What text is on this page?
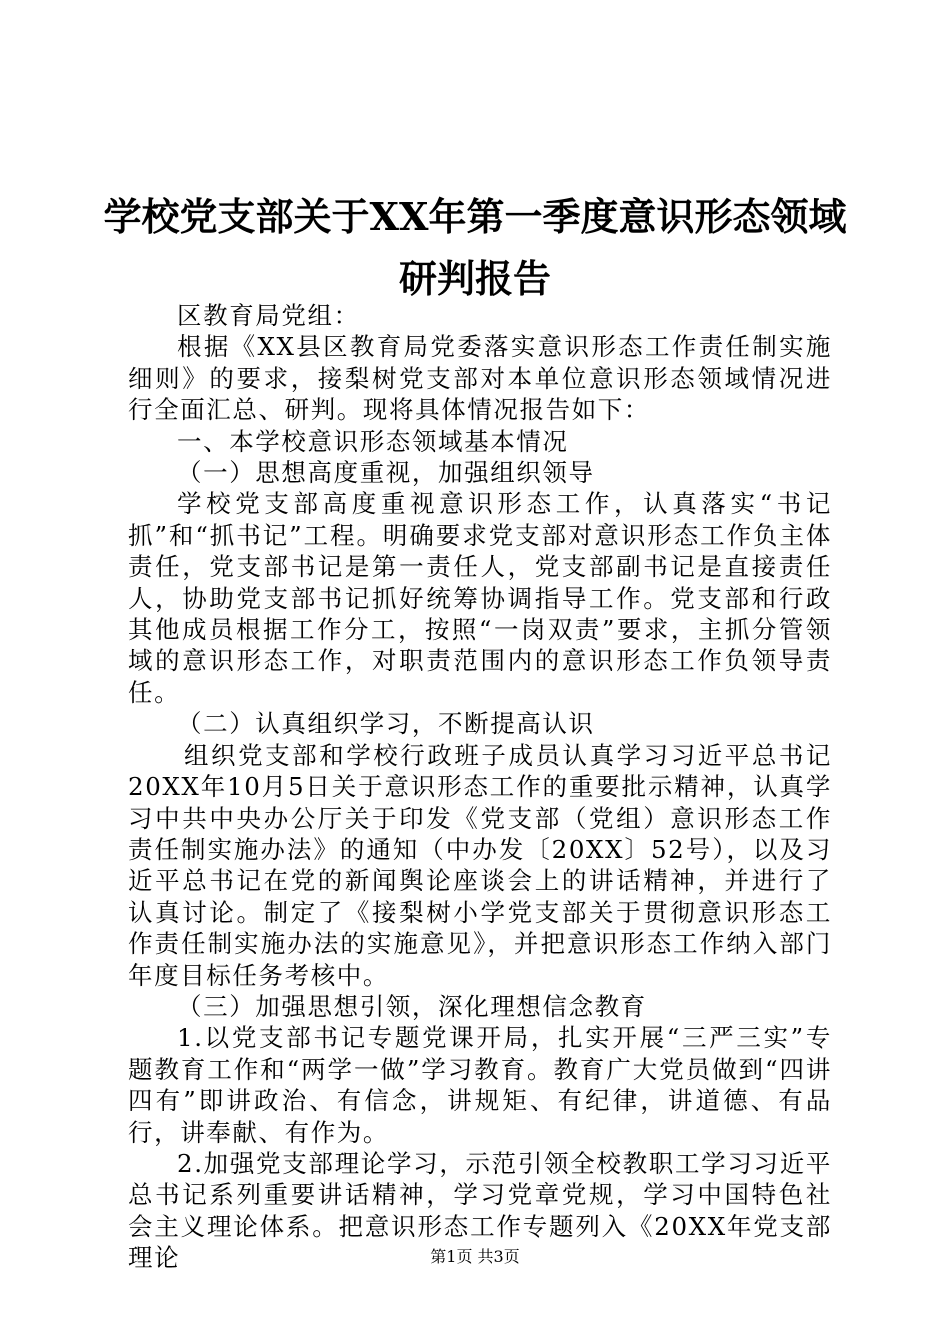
学校党支部关于XX年第一季度意识形态领域
研判报告

区教育局党组：

根据《XX县区教育局党委落实意识形态工作责任制实施细则》的要求，接梨树党支部对本单位意识形态领域情况进行全面汇总、研判。现将具体情况报告如下：

一、本学校意识形态领域基本情况

（一）思想高度重视，加强组织领导

学校党支部高度重视意识形态工作，认真落实“书记抓”和“抓书记”工程。明确要求党支部对意识形态工作负主体责任，党支部书记是第一责任人，党支部副书记是直接责任人，协助党支部书记抓好统筹协调指导工作。党支部和行政其他成员根据工作分工，按照“一岗双责”要求，主抓分管领域的意识形态工作，对职责范围内的意识形态工作负领导责任。

（二）认真组织学习，不断提高认识

组织党支部和学校行政班子成员认真学习习近平总书记20XX年10月5日关于意识形态工作的重要批示精神，认真学习中共中央办公厅关于印发《党支部（党组）意识形态工作责任制实施办法》的通知（中办发〔20XX〕52号），以及习近平总书记在党的新闻舆论座谈会上的讲话精神，并进行了认真讨论。制定了《接梨树小学党支部关于贯彻意识形态工作责任制实施办法的实施意见》，并把意识形态工作纳入部门年度目标任务考核中。

（三）加强思想引领，深化理想信念教育

1.以党支部书记专题党课开局，扎实开展“三严三实”专题教育工作和“两学一做”学习教育。教育广大党员做到“四讲四有”即讲政治、有信念，讲规矩、有纪律，讲道德、有品行，讲奉献、有作为。

2.加强党支部理论学习，示范引领全校教职工学习习近平总书记系列重要讲话精神，学习党章党规，学习中国特色社会主义理论体系。把意识形态工作专题列入《20XX年党支部理论	第1页 共3页
